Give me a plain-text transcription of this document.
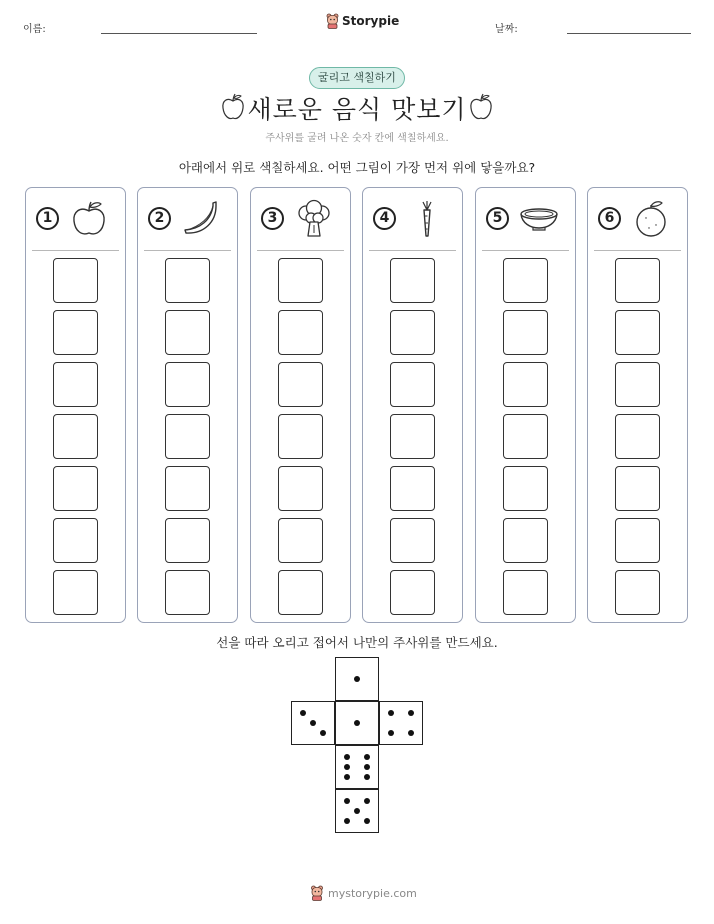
이름:
Storypie
날짜:
굴리고 색칠하기
새로운 음식 맛보기
주사위를 굴려 나온 숫자 칸에 색칠하세요.
아래에서 위로 색칠하세요. 어떤 그림이 가장 먼저 위에 닿을까요?
1	2	3	4	5	6
선을 따라 오리고 접어서 나만의 주사위를 만드세요.
mystorypie.com
